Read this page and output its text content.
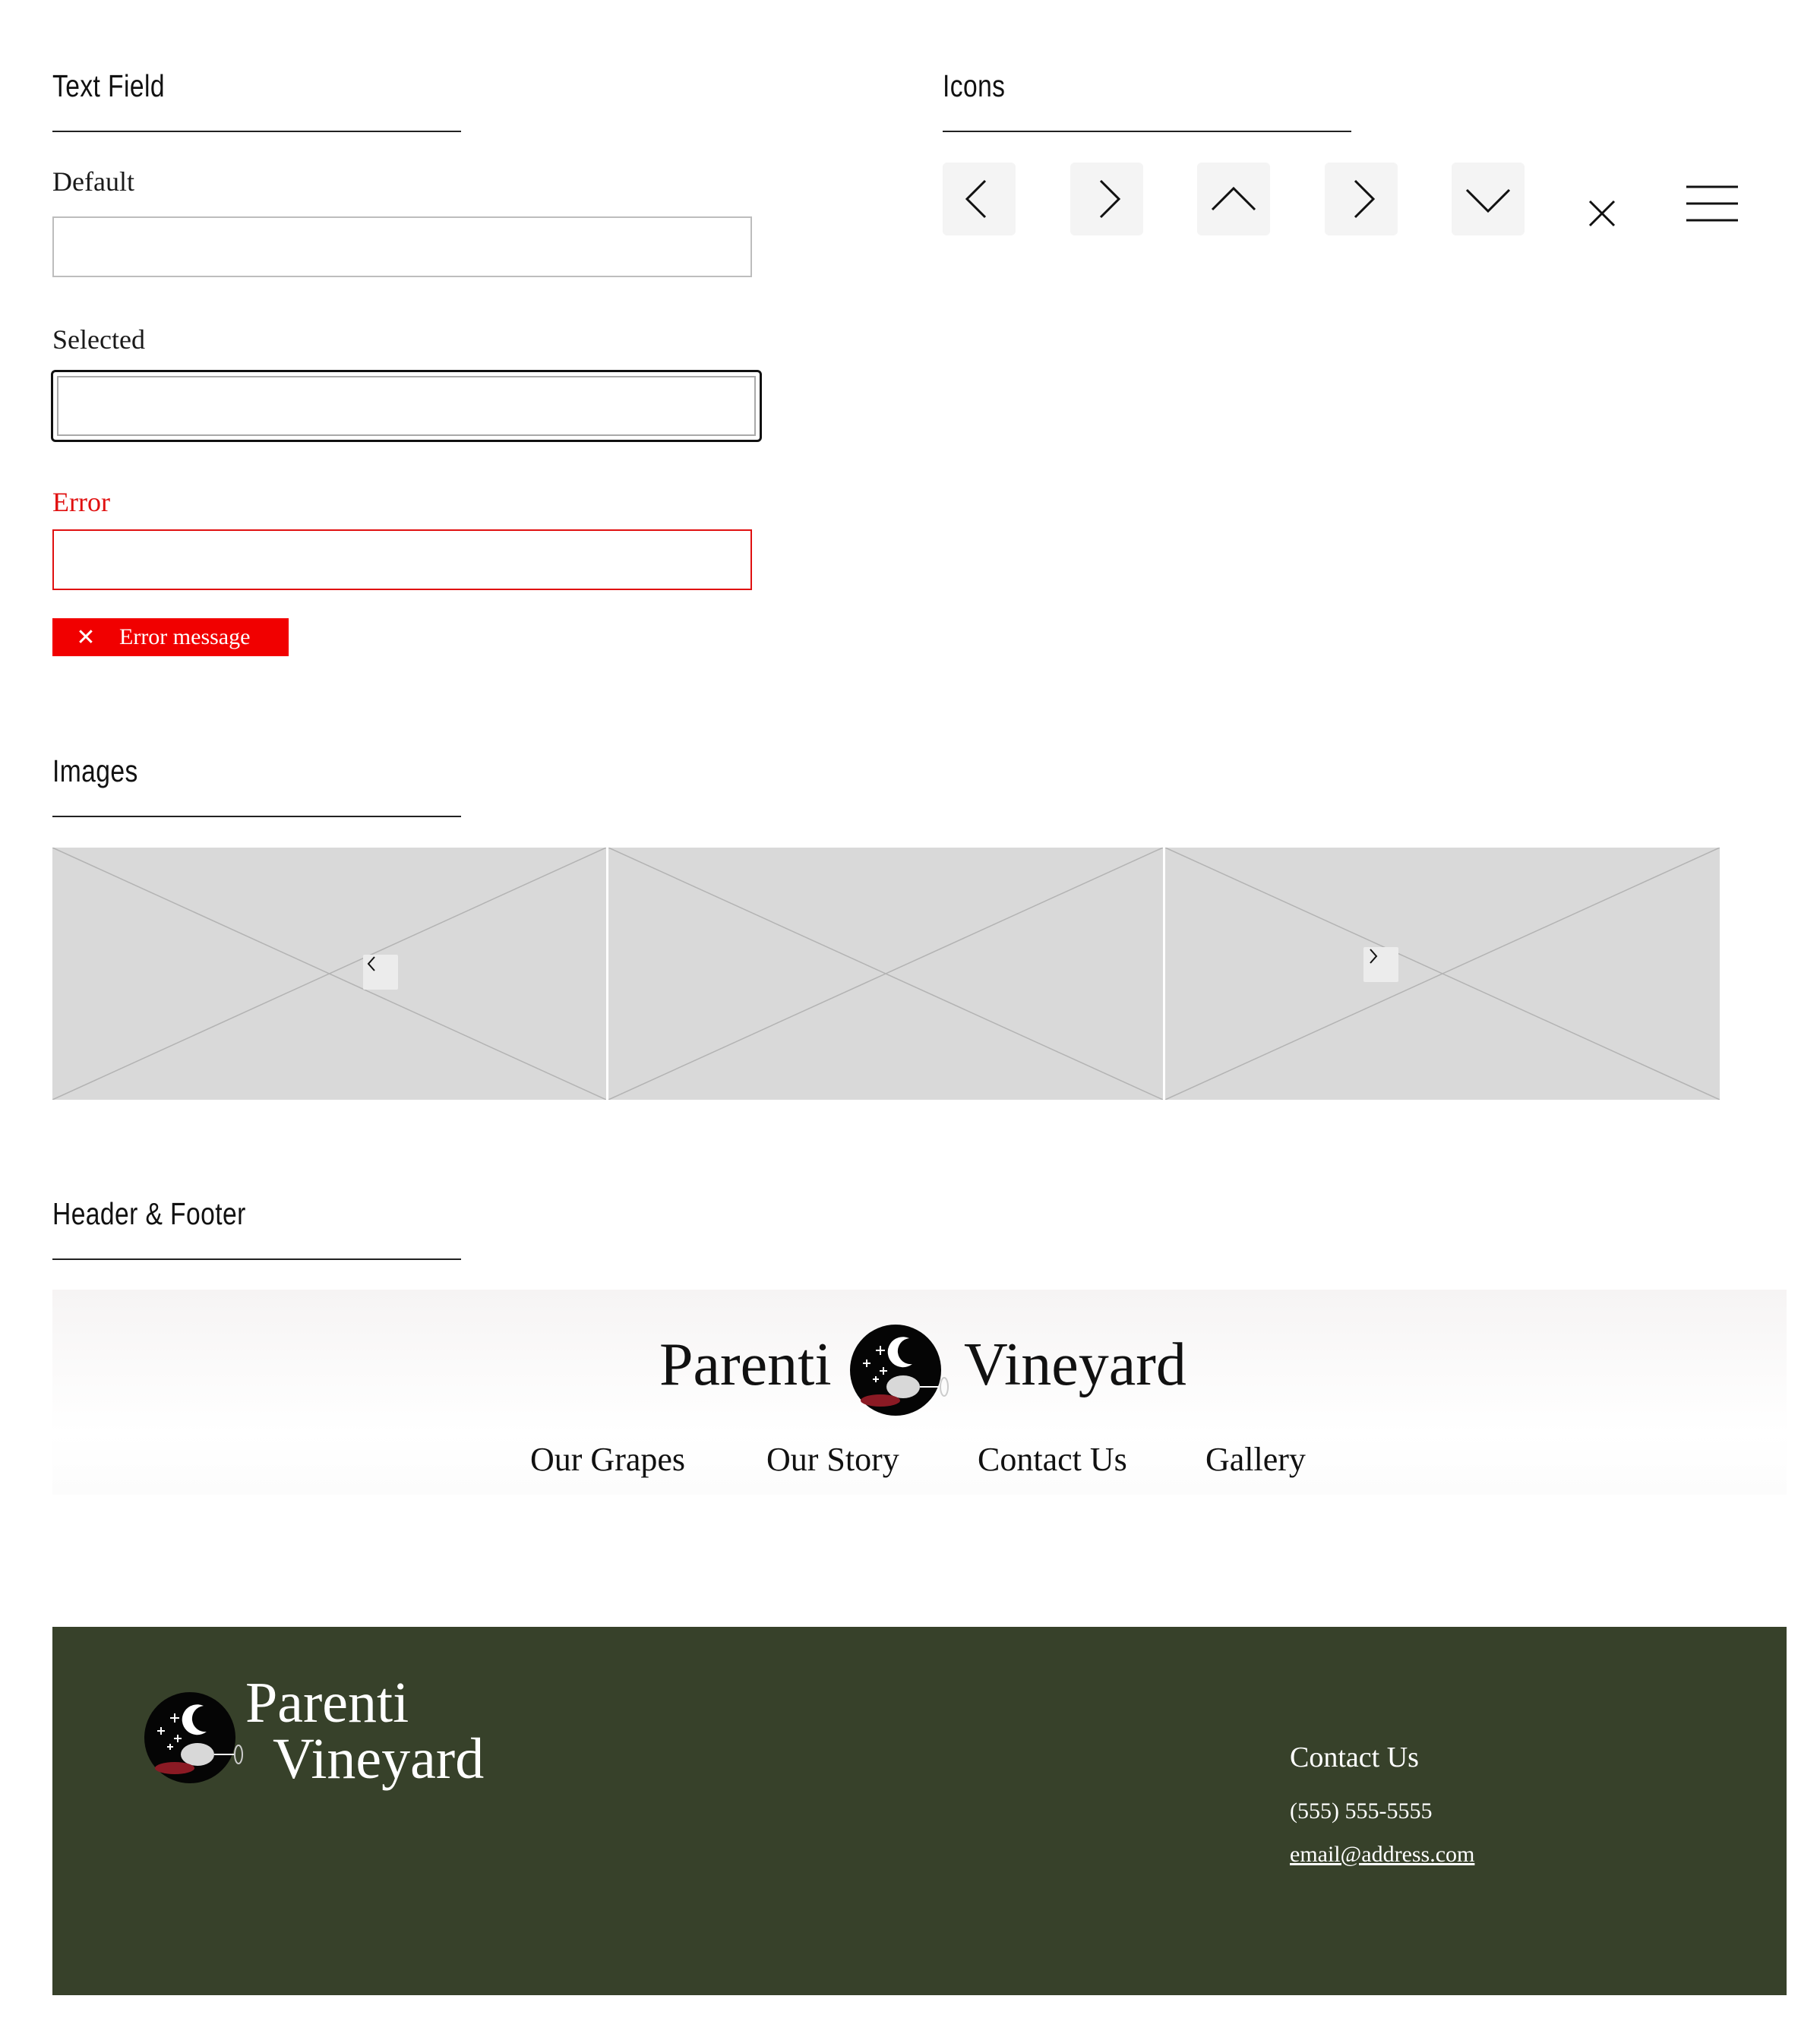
Text Field
Default
Selected
Error
✕	Error message
Icons
Images
Header & Footer
Parenti Vineyard
Our Grapes Our Story Contact Us Gallery
Parenti
Vineyard	Contact Us
(555) 555-5555
email@address.com
